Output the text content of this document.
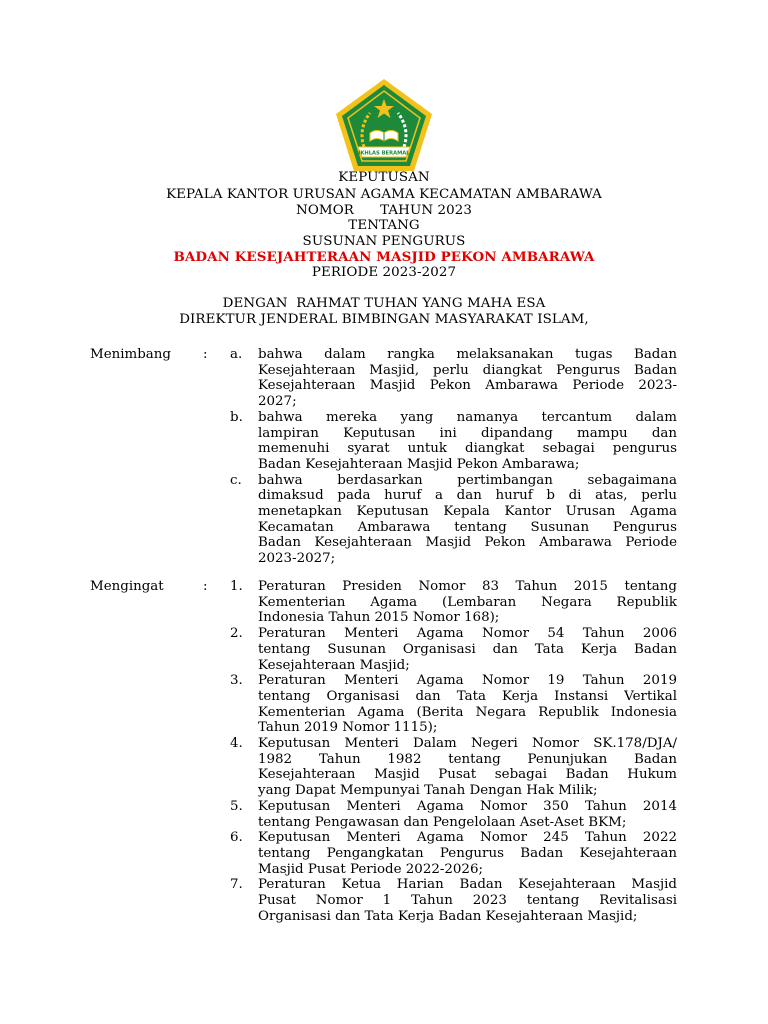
IKHLAS BERAMAL
KEPUTUSAN
KEPALA KANTOR URUSAN AGAMA KECAMATAN AMBARAWA
NOMOR      TAHUN 2023
TENTANG
SUSUNAN PENGURUS
BADAN KESEJAHTERAAN MASJID PEKON AMBARAWA
PERIODE 2023-2027
DENGAN  RAHMAT TUHAN YANG MAHA ESA
DIREKTUR JENDERAL BIMBINGAN MASYARAKAT ISLAM,
Menimbang : a. bahwa dalam rangka melaksanakan tugas Badan
Kesejahteraan Masjid, perlu diangkat Pengurus Badan
Kesejahteraan Masjid Pekon Ambarawa Periode 2023-
2027;
b. bahwa mereka yang namanya tercantum dalam
lampiran Keputusan ini dipandang mampu dan
memenuhi syarat untuk diangkat sebagai pengurus
Badan Kesejahteraan Masjid Pekon Ambarawa;
c. bahwa berdasarkan pertimbangan sebagaimana
dimaksud pada huruf a dan huruf b di atas, perlu
menetapkan Keputusan Kepala Kantor Urusan Agama
Kecamatan Ambarawa tentang Susunan Pengurus
Badan Kesejahteraan Masjid Pekon Ambarawa Periode
2023-2027;
Mengingat	: 1. Peraturan Presiden Nomor 83 Tahun 2015 tentang
Kementerian Agama (Lembaran Negara Republik
Indonesia Tahun 2015 Nomor 168);
2. Peraturan Menteri Agama Nomor 54 Tahun 2006
tentang Susunan Organisasi dan Tata Kerja Badan
Kesejahteraan Masjid;
3. Peraturan Menteri Agama Nomor 19 Tahun 2019
tentang Organisasi dan Tata Kerja Instansi Vertikal
Kementerian Agama (Berita Negara Republik Indonesia
Tahun 2019 Nomor 1115);
4. Keputusan Menteri Dalam Negeri Nomor SK.178/DJA/
1982 Tahun 1982 tentang Penunjukan Badan
Kesejahteraan Masjid Pusat sebagai Badan Hukum
yang Dapat Mempunyai Tanah Dengan Hak Milik;
5. Keputusan Menteri Agama Nomor 350 Tahun 2014
tentang Pengawasan dan Pengelolaan Aset-Aset BKM;
6. Keputusan Menteri Agama Nomor 245 Tahun 2022
tentang Pengangkatan Pengurus Badan Kesejahteraan
Masjid Pusat Periode 2022-2026;
7. Peraturan Ketua Harian Badan Kesejahteraan Masjid
Pusat Nomor 1 Tahun 2023 tentang Revitalisasi
Organisasi dan Tata Kerja Badan Kesejahteraan Masjid;
